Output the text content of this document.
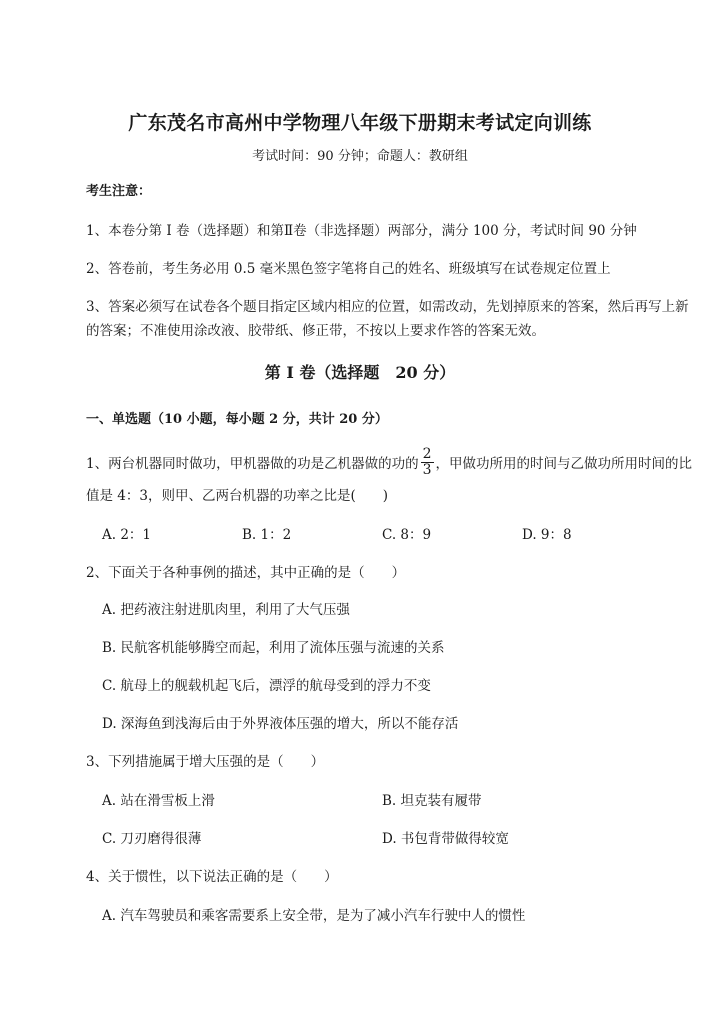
广东茂名市高州中学物理八年级下册期末考试定向训练
考试时间：90 分钟；命题人：教研组
考生注意：
1、本卷分第 I 卷（选择题）和第Ⅱ卷（非选择题）两部分，满分 100 分，考试时间 90 分钟
2、答卷前，考生务必用 0.5 毫米黑色签字笔将自己的姓名、班级填写在试卷规定位置上
3、答案必须写在试卷各个题目指定区域内相应的位置，如需改动，先划掉原来的答案，然后再写上新
的答案；不准使用涂改液、胶带纸、修正带，不按以上要求作答的答案无效。
第 I 卷（选择题　20 分）
一、单选题（10 小题，每小题 2 分，共计 20 分）
1、两台机器同时做功，甲机器做的功是乙机器做的功的 $\frac{2}{3}$ ，甲做功所用的时间与乙做功所用时间的比
值是 4：3，则甲、乙两台机器的功率之比是(　　)
A. 2：1	B. 1：2	C. 8：9	D. 9：8
2、下面关于各种事例的描述，其中正确的是（　　）
A. 把药液注射进肌肉里，利用了大气压强
B. 民航客机能够腾空而起，利用了流体压强与流速的关系
C. 航母上的舰载机起飞后，漂浮的航母受到的浮力不变
D. 深海鱼到浅海后由于外界液体压强的增大，所以不能存活
3、下列措施属于增大压强的是（　　）
A. 站在滑雪板上滑	B. 坦克装有履带
C. 刀刃磨得很薄	D. 书包背带做得较宽
4、关于惯性，以下说法正确的是（　　）
A. 汽车驾驶员和乘客需要系上安全带，是为了减小汽车行驶中人的惯性
